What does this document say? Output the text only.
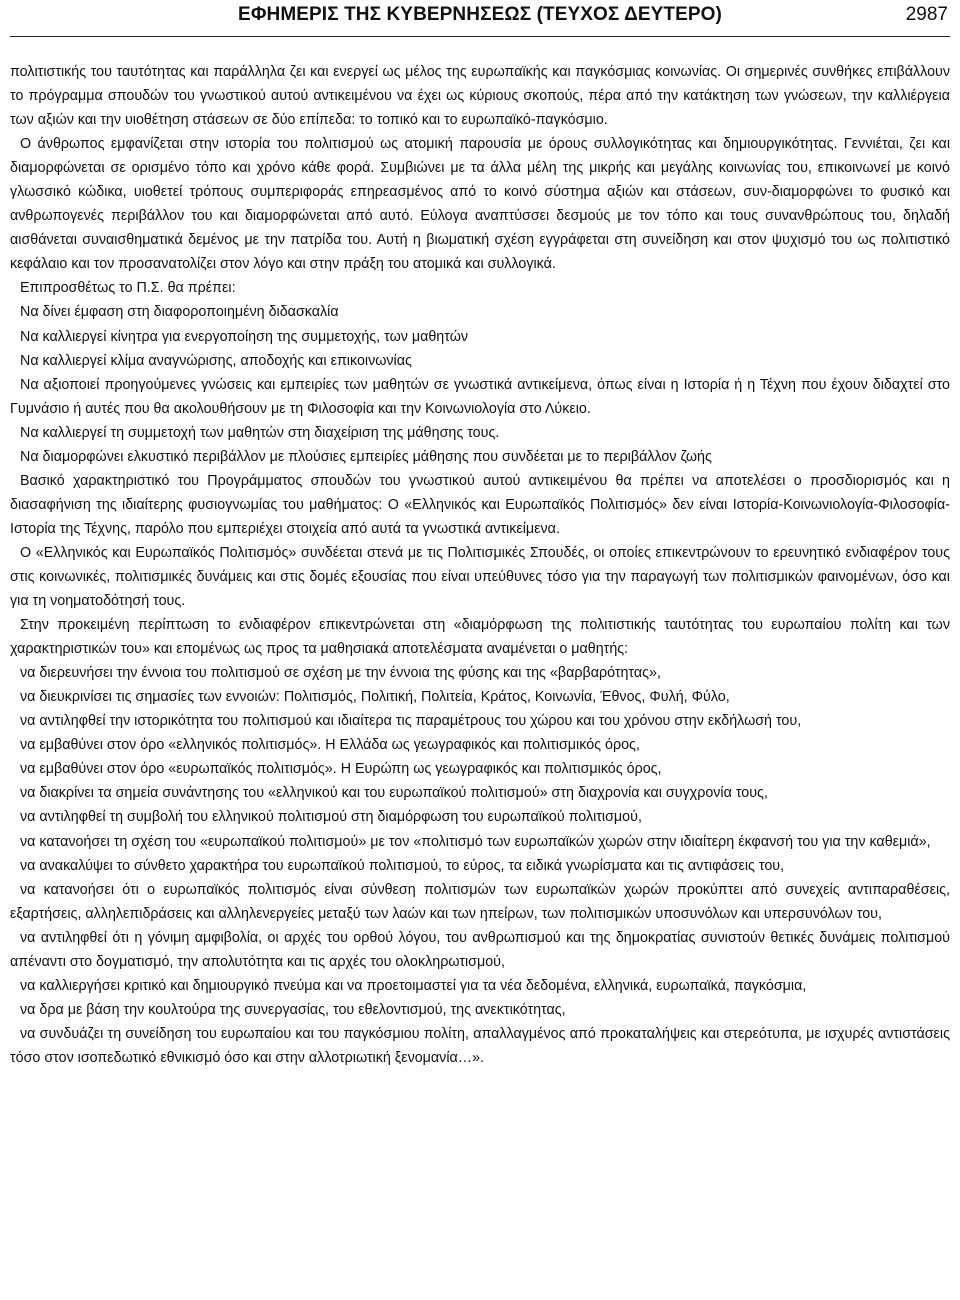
ΕΦΗΜΕΡΙΣ ΤΗΣ ΚΥΒΕΡΝΗΣΕΩΣ (ΤΕΥΧΟΣ ΔΕΥΤΕΡΟ)	2987

πολιτιστικής του ταυτότητας και παράλληλα ζει και ενεργεί ως μέλος της ευρωπαϊκής και παγκόσμιας κοινωνίας. Οι σημερινές συνθήκες επιβάλλουν το πρόγραμμα σπουδών του γνωστικού αυτού αντικειμένου να έχει ως κύριους σκοπούς, πέρα από την κατάκτηση των γνώσεων, την καλλιέργεια των αξιών και την υιοθέτηση στάσεων σε δύο επίπεδα: το τοπικό και το ευρωπαϊκό-παγκόσμιο.

Ο άνθρωπος εμφανίζεται στην ιστορία του πολιτισμού ως ατομική παρουσία με όρους συλλογικότητας και δημιουργικότητας. Γεννιέται, ζει και διαμορφώνεται σε ορισμένο τόπο και χρόνο κάθε φορά. Συμβιώνει με τα άλλα μέλη της μικρής και μεγάλης κοινωνίας του, επικοινωνεί με κοινό γλωσσικό κώδικα, υιοθετεί τρόπους συμπεριφοράς επηρεασμένος από το κοινό σύστημα αξιών και στάσεων, συν-διαμορφώνει το φυσικό και ανθρωπογενές περιβάλλον του και διαμορφώνεται από αυτό. Εύλογα αναπτύσσει δεσμούς με τον τόπο και τους συνανθρώπους του, δηλαδή αισθάνεται συναισθηματικά δεμένος με την πατρίδα του. Αυτή η βιωματική σχέση εγγράφεται στη συνείδηση και στον ψυχισμό του ως πολιτιστικό κεφάλαιο και τον προσανατολίζει στον λόγο και στην πράξη του ατομικά και συλλογικά.

Επιπροσθέτως το Π.Σ. θα πρέπει:

Να δίνει έμφαση στη διαφοροποιημένη διδασκαλία

Να καλλιεργεί κίνητρα για ενεργοποίηση της συμμετοχής, των μαθητών

Να καλλιεργεί κλίμα αναγνώρισης, αποδοχής και επικοινωνίας

Να αξιοποιεί προηγούμενες γνώσεις και εμπειρίες των μαθητών σε γνωστικά αντικείμενα, όπως είναι η Ιστορία ή η Τέχνη που έχουν διδαχτεί στο Γυμνάσιο ή αυτές που θα ακολουθήσουν με τη Φιλοσοφία και την Κοινωνιολογία στο Λύκειο.

Να καλλιεργεί τη συμμετοχή των μαθητών στη διαχείριση της μάθησης τους.

Να διαμορφώνει ελκυστικό περιβάλλον με πλούσιες εμπειρίες μάθησης που συνδέεται με το περιβάλλον ζωής

Βασικό χαρακτηριστικό του Προγράμματος σπουδών του γνωστικού αυτού αντικειμένου θα πρέπει να αποτελέσει ο προσδιορισμός και η διασαφήνιση της ιδιαίτερης φυσιογνωμίας του μαθήματος: Ο «Ελληνικός και Ευρωπαϊκός Πολιτισμός» δεν είναι Ιστορία-Κοινωνιολογία-Φιλοσοφία-Ιστορία της Τέχνης, παρόλο που εμπεριέχει στοιχεία από αυτά τα γνωστικά αντικείμενα.

Ο «Ελληνικός και Ευρωπαϊκός Πολιτισμός» συνδέεται στενά με τις Πολιτισμικές Σπουδές, οι οποίες επικεντρώνουν το ερευνητικό ενδιαφέρον τους στις κοινωνικές, πολιτισμικές δυνάμεις και στις δομές εξουσίας που είναι υπεύθυνες τόσο για την παραγωγή των πολιτισμικών φαινομένων, όσο και για τη νοηματοδότησή τους.

Στην προκειμένη περίπτωση το ενδιαφέρον επικεντρώνεται στη «διαμόρφωση της πολιτιστικής ταυτότητας του ευρωπαίου πολίτη και των χαρακτηριστικών του» και επομένως ως προς τα μαθησιακά αποτελέσματα αναμένεται ο μαθητής:

να διερευνήσει την έννοια του πολιτισμού σε σχέση με την έννοια της φύσης και της «βαρβαρότητας»,

να διευκρινίσει τις σημασίες των εννοιών: Πολιτισμός, Πολιτική, Πολιτεία, Κράτος, Κοινωνία, Έθνος, Φυλή, Φύλο,

να αντιληφθεί την ιστορικότητα του πολιτισμού και ιδιαίτερα τις παραμέτρους του χώρου και του χρόνου στην εκδήλωσή του,

να εμβαθύνει στον όρο «ελληνικός πολιτισμός». Η Ελλάδα ως γεωγραφικός και πολιτισμικός όρος,

να εμβαθύνει στον όρο «ευρωπαϊκός πολιτισμός». Η Ευρώπη ως γεωγραφικός και πολιτισμικός όρος,

να διακρίνει τα σημεία συνάντησης του «ελληνικού και του ευρωπαϊκού πολιτισμού» στη διαχρονία και συγχρονία τους,

να αντιληφθεί τη συμβολή του ελληνικού πολιτισμού στη διαμόρφωση του ευρωπαϊκού πολιτισμού,

να κατανοήσει τη σχέση του «ευρωπαϊκού πολιτισμού» με τον «πολιτισμό των ευρωπαϊκών χωρών στην ιδιαίτερη έκφανσή του για την καθεμιά»,

να ανακαλύψει το σύνθετο χαρακτήρα του ευρωπαϊκού πολιτισμού, το εύρος, τα ειδικά γνωρίσματα και τις αντιφάσεις του,

να κατανοήσει ότι ο ευρωπαϊκός πολιτισμός είναι σύνθεση πολιτισμών των ευρωπαϊκών χωρών προκύπτει από συνεχείς αντιπαραθέσεις, εξαρτήσεις, αλληλεπιδράσεις και αλληλενεργείες μεταξύ των λαών και των ηπείρων, των πολιτισμικών υποσυνόλων και υπερσυνόλων του,

να αντιληφθεί ότι η γόνιμη αμφιβολία, οι αρχές του ορθού λόγου, του ανθρωπισμού και της δημοκρατίας συνιστούν θετικές δυνάμεις πολιτισμού απέναντι στο δογματισμό, την απολυτότητα και τις αρχές του ολοκληρωτισμού,

να καλλιεργήσει κριτικό και δημιουργικό πνεύμα και να προετοιμαστεί για τα νέα δεδομένα, ελληνικά, ευρωπαϊκά, παγκόσμια,

να δρα με βάση την κουλτούρα της συνεργασίας, του εθελοντισμού, της ανεκτικότητας,

να συνδυάζει τη συνείδηση του ευρωπαίου και του παγκόσμιου πολίτη, απαλλαγμένος από προκαταλήψεις και στερεότυπα, με ισχυρές αντιστάσεις τόσο στον ισοπεδωτικό εθνικισμό όσο και στην αλλοτριωτική ξενομανία…».
